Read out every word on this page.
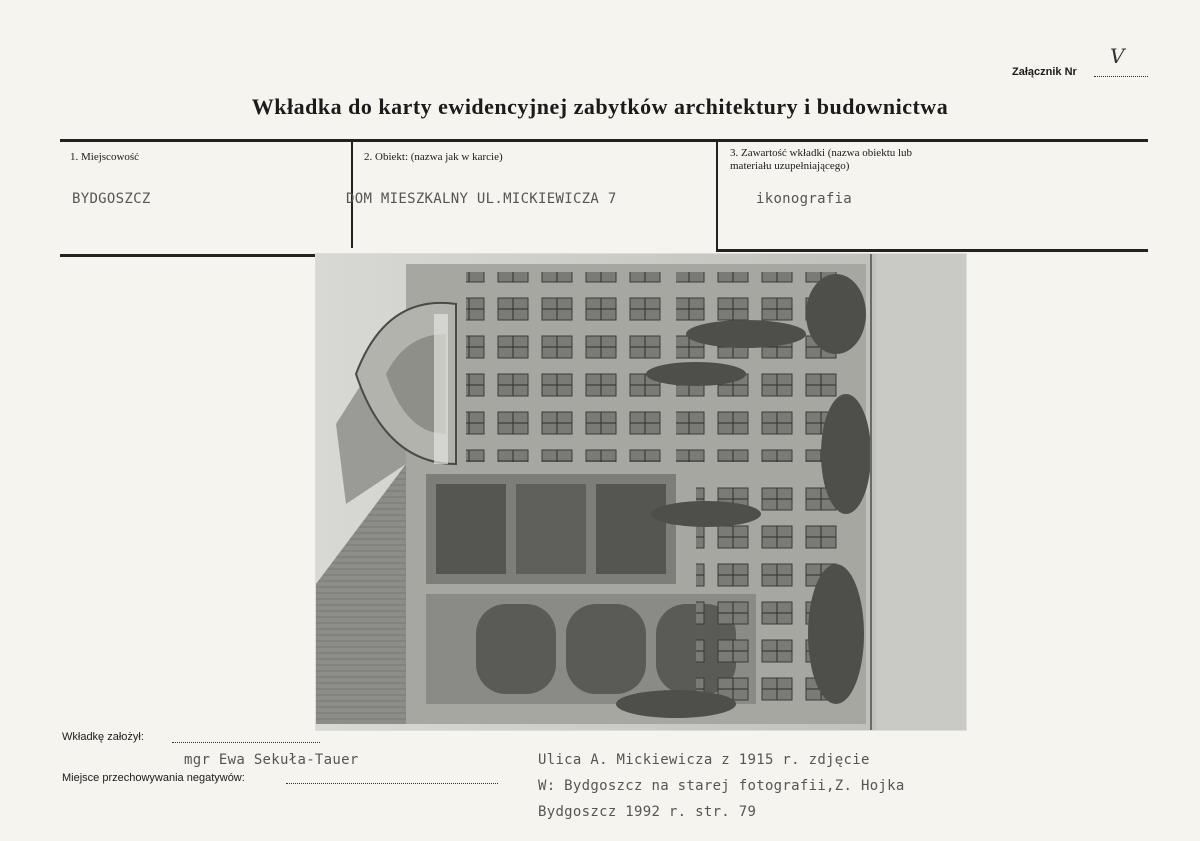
Załącznik Nr
V
Wkładka do karty ewidencyjnej zabytków architektury i budownictwa
1. Miejscowość
BYDGOSZCZ
2. Obiekt: (nazwa jak w karcie)
DOM MIESZKALNY UL.MICKIEWICZA 7
3. Zawartość wkładki (nazwa obiektu lub materiału uzupełniającego)
ikonografia
Wkładkę założył:
mgr Ewa Sekuła-Tauer
Miejsce przechowywania negatywów:
Ulica A. Mickiewicza z 1915 r. zdjęcie
W: Bydgoszcz na starej fotografii,Z. Hojka
Bydgoszcz 1992 r. str. 79
